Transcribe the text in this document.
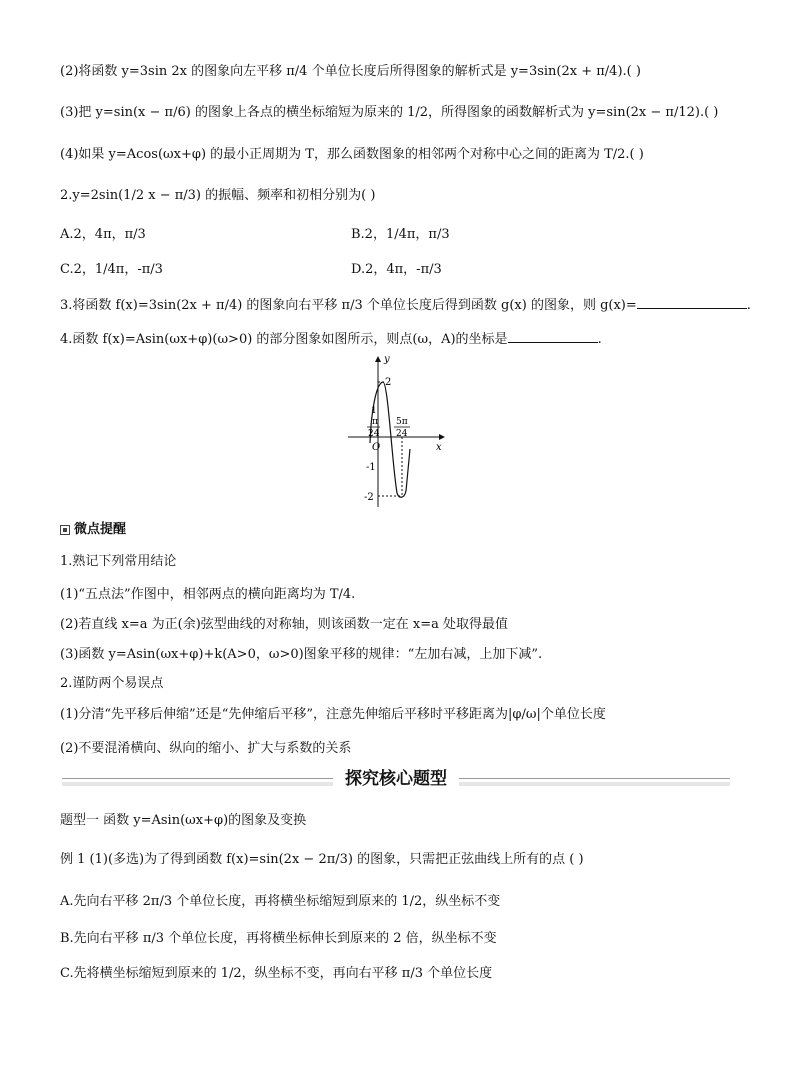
(2)将函数 y=3sin 2x 的图象向左平移 π/4 个单位长度后所得图象的解析式是 y=3sin(2x + π/4).( )
(3)把 y=sin(x − π/6) 的图象上各点的横坐标缩短为原来的 1/2，所得图象的函数解析式为 y=sin(2x − π/12).( )
(4)如果 y=Acos(ωx+φ) 的最小正周期为 T，那么函数图象的相邻两个对称中心之间的距离为 T/2.( )
2.y=2sin(1/2 x − π/3) 的振幅、频率和初相分别为( )
A.2，4π，π/3	B.2，1/4π，π/3
C.2，1/4π，-π/3	D.2，4π，-π/3
3.将函数 f(x)=3sin(2x + π/4) 的图象向右平移 π/3 个单位长度后得到函数 g(x) 的图象，则 g(x)=	.
4.函数 f(x)=Asin(ωx+φ)(ω>0) 的部分图象如图所示，则点(ω，A)的坐标是	.
y
x
O
2
1
-1
-2
π
24
5π
24
微点提醒
1.熟记下列常用结论
(1)“五点法”作图中，相邻两点的横向距离均为 T/4.
(2)若直线 x=a 为正(余)弦型曲线的对称轴，则该函数一定在 x=a 处取得最值
(3)函数 y=Asin(ωx+φ)+k(A>0，ω>0)图象平移的规律：“左加右减，上加下减”.
2.谨防两个易误点
(1)分清“先平移后伸缩”还是“先伸缩后平移”，注意先伸缩后平移时平移距离为|φ/ω|个单位长度
(2)不要混淆横向、纵向的缩小、扩大与系数的关系
探究核心题型
题型一 函数 y=Asin(ωx+φ)的图象及变换
例 1 (1)(多选)为了得到函数 f(x)=sin(2x − 2π/3) 的图象，只需把正弦曲线上所有的点 ( )
A.先向右平移 2π/3 个单位长度，再将横坐标缩短到原来的 1/2，纵坐标不变
B.先向右平移 π/3 个单位长度，再将横坐标伸长到原来的 2 倍，纵坐标不变
C.先将横坐标缩短到原来的 1/2，纵坐标不变，再向右平移 π/3 个单位长度
